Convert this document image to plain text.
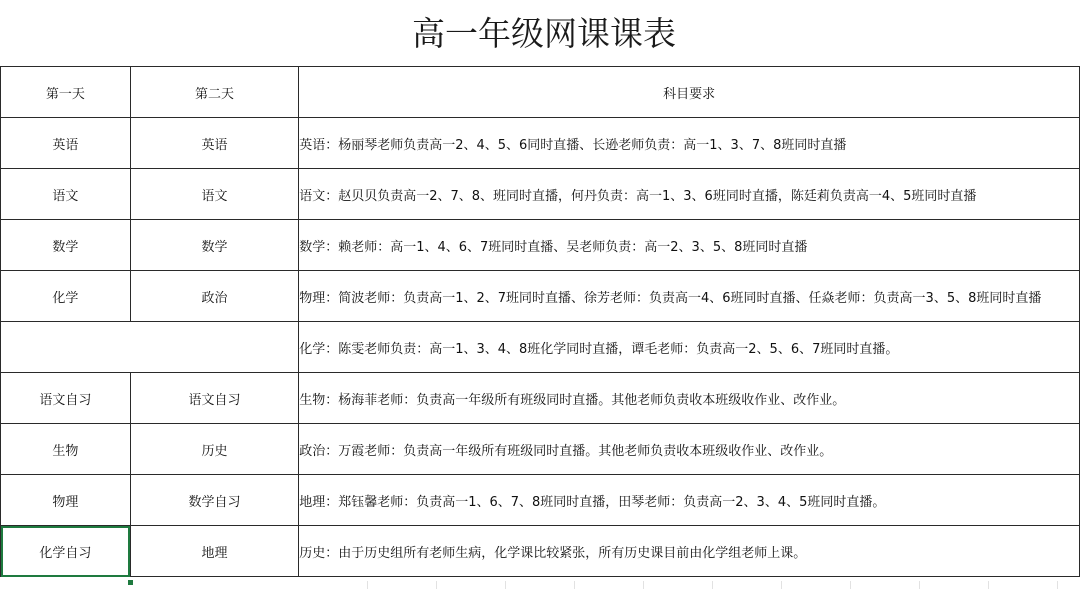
高一年级网课课表
第一天	第二天	科目要求
英语	英语	英语：杨丽琴老师负责高一2、4、5、6同时直播、长逊老师负责：高一1、3、7、8班同时直播
语文	语文	语文：赵贝贝负责高一2、7、8、班同时直播，何丹负责：高一1、3、6班同时直播，陈廷莉负责高一4、5班同时直播
数学	数学	数学：赖老师：高一1、4、6、7班同时直播、吴老师负责：高一2、3、5、8班同时直播
化学	政治	物理：简波老师：负责高一1、2、7班同时直播、徐芳老师：负责高一4、6班同时直播、任焱老师：负责高一3、5、8班同时直播
		化学：陈雯老师负责：高一1、3、4、8班化学同时直播，谭毛老师：负责高一2、5、6、7班同时直播。
语文自习	语文自习	生物：杨海菲老师：负责高一年级所有班级同时直播。其他老师负责收本班级收作业、改作业。
生物	历史	政治：万霞老师：负责高一年级所有班级同时直播。其他老师负责收本班级收作业、改作业。
物理	数学自习	地理：郑钰馨老师：负责高一1、6、7、8班同时直播，田琴老师：负责高一2、3、4、5班同时直播。
化学自习	地理	历史：由于历史组所有老师生病，化学课比较紧张，所有历史课目前由化学组老师上课。
